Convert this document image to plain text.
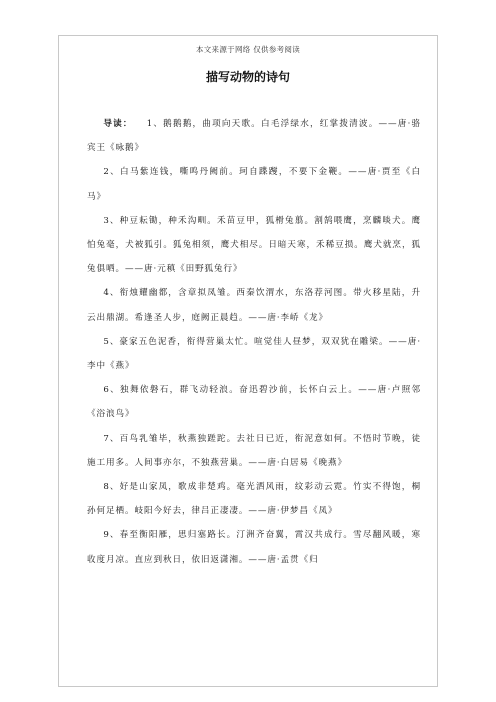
本文来源于网络 仅供参考阅读
描写动物的诗句

导读： 1、鹅鹅鹅，曲项向天歌。白毛浮绿水，红掌拨清波。——唐·骆宾王《咏鹅》

2、白马紫连钱，嘶鸣丹阙前。珂自蹀躞，不要下金鞭。——唐·贾至《白马》

3、种豆耘锄，种禾沟甽。禾苗豆甲，狐榾兔翦。割鹄喂鹰，烹麟啖犬。鹰怕兔毫，犬被狐引。狐兔相须，鹰犬相尽。日暗天寒，禾稀豆损。鹰犬就烹，狐兔俱哂。——唐·元稹《田野狐兔行》

4、衔烛耀幽都，含章拟凤雏。西秦饮渭水，东洛荐河图。带火移星陆，升云出鼎湖。希逢圣人步，庭阙正晨趋。——唐·李峤《龙》

5、豪家五色泥香，衔得营巢太忙。喧觉佳人昼梦，双双犹在雕梁。——唐·李中《燕》

6、独舞依磐石，群飞动轻浪。奋迅碧沙前，长怀白云上。——唐·卢照邻《浴浪鸟》

7、百鸟乳雏毕，秋燕独蹉跎。去社日已近，衔泥意如何。不悟时节晚，徒施工用多。人间事亦尔，不独燕营巢。——唐·白居易《晚燕》

8、好是山家凤，歌成非楚鸡。毫光洒风雨，纹彩动云霓。竹实不得饱，桐孙何足栖。岐阳今好去，律吕正凄凄。——唐·伊梦昌《凤》

9、春至衡阳雁，思归塞路长。汀洲齐奋翼，霄汉共成行。雪尽翻风暖，寒收度月凉。直应到秋日，依旧返潇湘。——唐·孟贯《归
